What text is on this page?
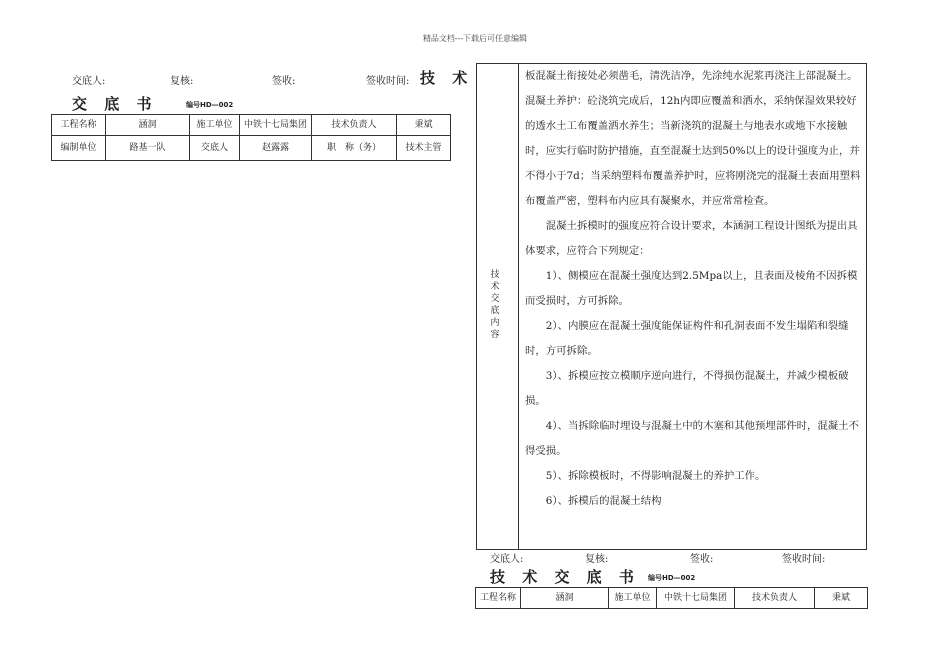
精品文档---下载后可任意编辑
交底人:	复核:	签收:	签收时间: 技 术
交 底 书	编号HD—002
工程名称	涵洞	施工单位	中铁十七局集团	技术负责人	秉斌
编制单位	路基一队	交底人	赵露露	职　称（务）	技术主管
技术交底内容

板混凝土衔接处必须凿毛，清洗洁净，先涂纯水泥浆再浇注上部混凝土。混凝土养护：砼浇筑完成后，12h内即应覆盖和洒水，采纳保湿效果较好的透水土工布覆盖洒水养生；当新浇筑的混凝土与地表水或地下水接触时，应实行临时防护措施，直至混凝土达到50%以上的设计强度为止，并不得小于7d；当采纳塑料布覆盖养护时，应将刚浇完的混凝土表面用塑料布覆盖严密，塑料布内应具有凝聚水，并应常常检查。

混凝土拆模时的强度应符合设计要求，本涵洞工程设计图纸为提出具体要求，应符合下列规定：

1）、侧模应在混凝土强度达到2.5Mpa以上，且表面及棱角不因拆模而受损时，方可拆除。

2）、内膜应在混凝土强度能保证构件和孔洞表面不发生塌陷和裂缝时，方可拆除。

3）、拆模应按立模顺序逆向进行，不得损伤混凝土，并减少模板破损。

4）、当拆除临时埋设与混凝土中的木塞和其他预埋部件时，混凝土不得受损。

5）、拆除模板时，不得影响混凝土的养护工作。

6）、拆模后的混凝土结构

交底人:	复核:	签收:	签收时间:
技 术 交 底 书 编号HD—002
工程名称	涵洞	施工单位	中铁十七局集团	技术负责人	秉斌
